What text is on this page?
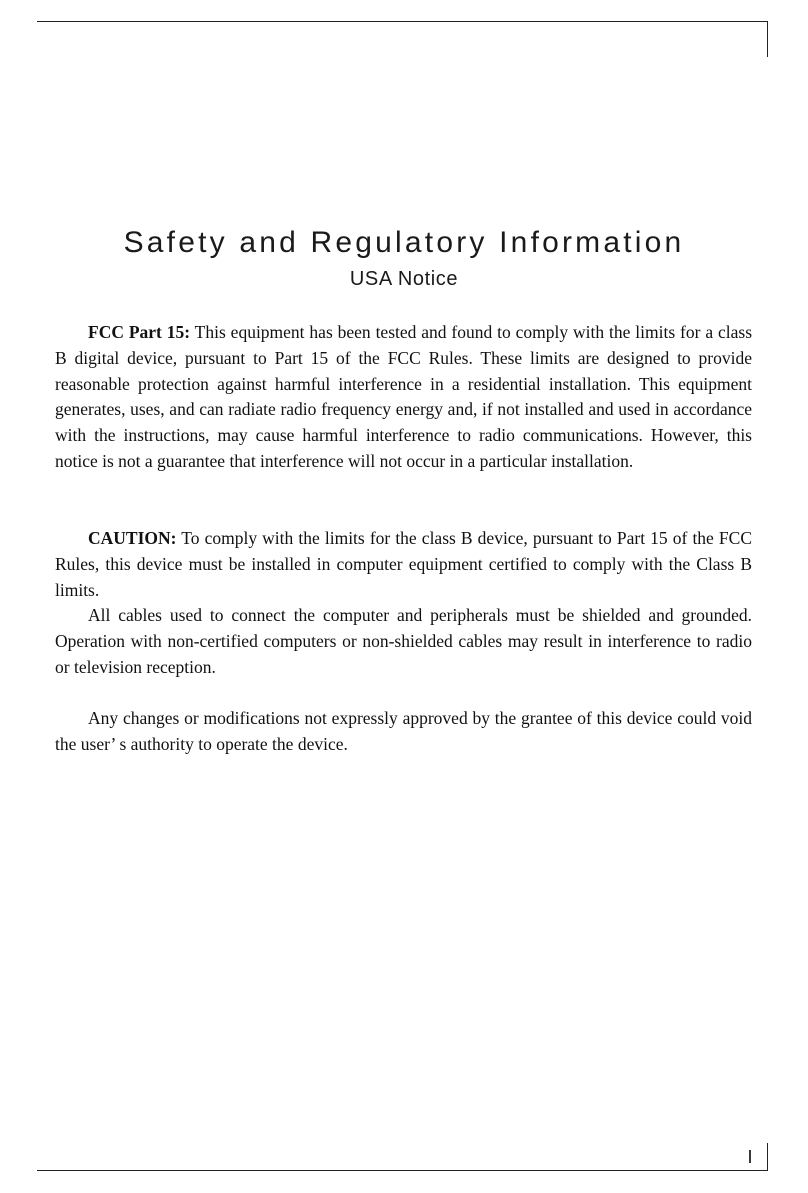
Safety and Regulatory Information
USA Notice

FCC Part 15: This equipment has been tested and found to comply with the limits for a class B digital device, pursuant to Part 15 of the FCC Rules. These limits are designed to provide reasonable protection against harmful interference in a residential installation. This equipment generates, uses, and can radiate radio frequency energy and, if not installed and used in accordance with the instructions, may cause harmful interference to radio communications. However, this notice is not a guarantee that interference will not occur in a particular installation.

CAUTION: To comply with the limits for the class B device, pursuant to Part 15 of the FCC Rules, this device must be installed in computer equipment certified to comply with the Class B limits.

All cables used to connect the computer and peripherals must be shielded and grounded. Operation with non-certified computers or non-shielded cables may result in interference to radio or television reception.

Any changes or modifications not expressly approved by the grantee of this device could void the user’ s authority to operate the device.

I
